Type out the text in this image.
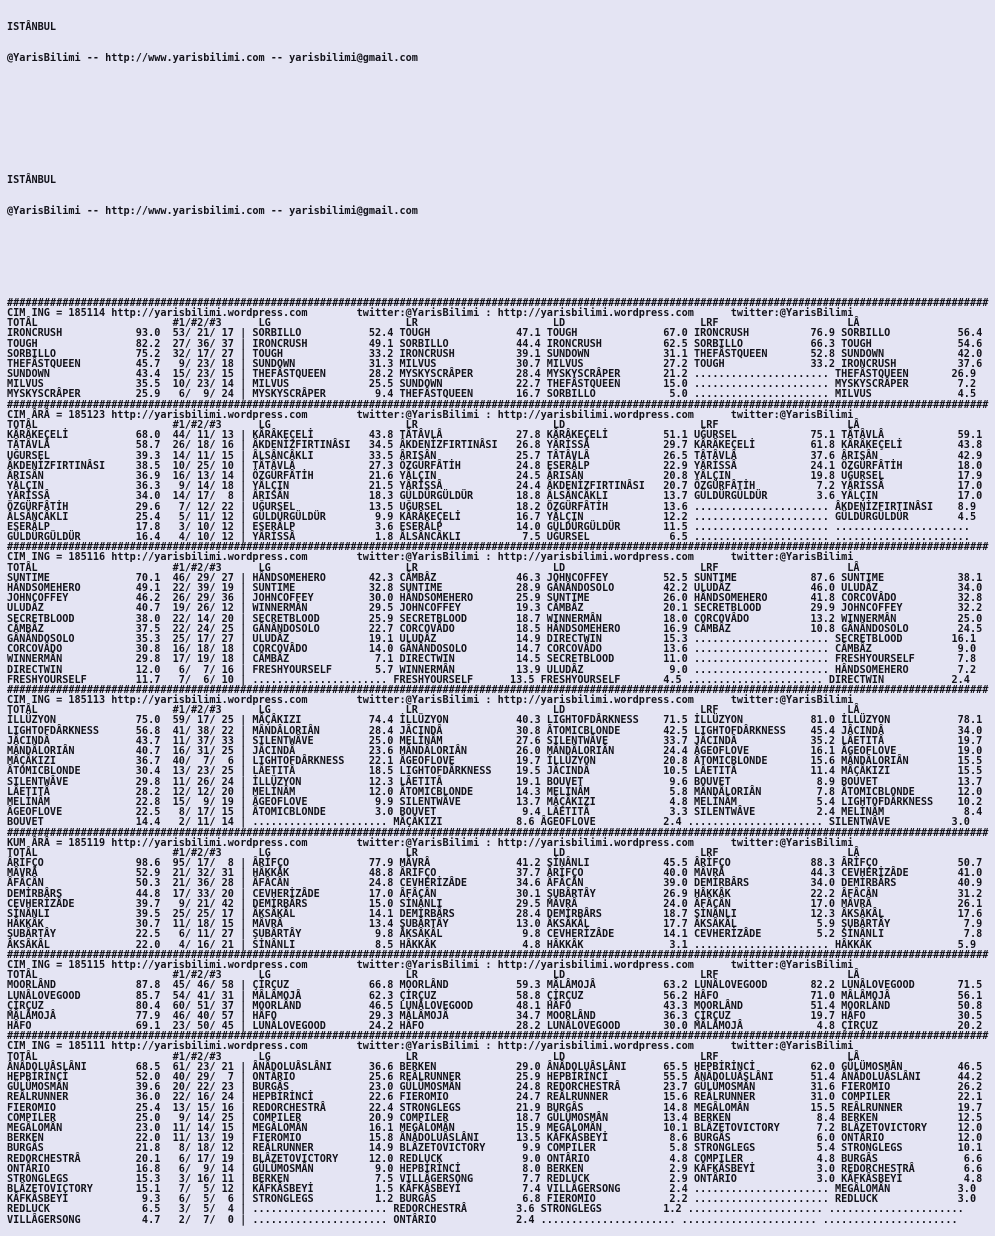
ISTÂNBUL

@YarisBilimi -- http://www.yarisbilimi.com -- yarisbilimi@gmail.com

ISTÂNBUL

@YarisBilimi -- http://www.yarisbilimi.com -- yarisbilimi@gmail.com

################################################################################################################################################################
CIM ING = 185114 http://yarisbilimi.wordpress.com        twitter:@YarisBilimi : http://yarisbilimi.wordpress.com      twitter:@YarisBilimi
TOTÂL                      #1/#2/#3      LG                      LR                      LD                      LRF                     LÂ
IRONCRUSH            93.0  53/ 21/ 17 | SORBILLO           52.4 TOUGH              47.1 TOUGH              67.0 IRONCRUSH          76.9 SORBILLO           56.4
TOUGH                82.2  27/ 36/ 37 | IRONCRUSH          49.1 SORBILLO           44.4 IRONCRUSH          62.5 SORBILLO           66.3 TOUGH              54.6
SORBILLO             75.2  32/ 17/ 27 | TOUGH              33.2 IRONCRUSH          39.1 SUNDOWN            31.1 THEFÂSTQUEEN       52.8 SUNDOWN            42.0
THEFÂSTQUEEN         45.7   9/ 23/ 18 | SUNDOWN            31.3 MILVUS             30.7 MILVUS             27.2 TOUGH              33.2 IRONCRUSH          37.6
SUNDOWN              43.4  15/ 23/ 15 | THEFÂSTQUEEN       28.2 MYSKYSCRÂPER       28.4 MYSKYSCRÂPER       21.2 ...................... THEFÂSTQUEEN       26.9
MILVUS               35.5  10/ 23/ 14 | MILVUS             25.5 SUNDOWN            22.7 THEFÂSTQUEEN       15.0 ...................... MYSKYSCRÂPER        7.2
MYSKYSCRÂPER         25.9   6/  9/ 24 | MYSKYSCRÂPER        9.4 THEFÂSTQUEEN       16.7 SORBILLO            5.0 ...................... MILVUS              4.5
################################################################################################################################################################
CIM ÂRÂ = 185123 http://yarisbilimi.wordpress.com        twitter:@YarisBilimi : http://yarisbilimi.wordpress.com      twitter:@YarisBilimi
TOTÂL                      #1/#2/#3      LG                      LR                      LD                      LRF                     LÂ
KÂRÂKEÇELİ           68.0  44/ 11/ 13 | KÂRÂKEÇELİ         43.8 TÂTÂVLÂ            27.8 KÂRÂKEÇELİ         51.1 UĞURSEL            75.1 TÂTÂVLÂ            59.1
TÂTÂVLÂ              58.7  26/ 18/ 16 | ÂKDENİZFIRTINÂSI   34.5 ÂKDENİZFIRTINÂSI   26.8 YÂRİSSÂ            29.7 KÂRÂKEÇELİ         61.8 KÂRÂKEÇELİ         43.8
UĞURSEL              39.3  14/ 11/ 15 | ÂLSÂNCÂKLI         33.5 ÂRISÂN             25.7 TÂTÂVLÂ            26.5 TÂTÂVLÂ            37.6 ÂRISÂN             42.9
ÂKDENİZFIRTINÂSI     38.5  10/ 25/ 10 | TÂTÂVLÂ            27.3 ÖZGÜRFÂTİH         24.8 ESERÂLP            22.9 YÂRİSSÂ            24.1 ÖZGÜRFÂTİH         18.0
ÂRISÂN               36.9  16/ 13/ 14 | ÖZGÜRFÂTİH         21.6 YÂLÇIN             24.5 ÂRISÂN             20.8 YÂLÇIN             19.8 UĞURSEL            17.9
YÂLÇIN               36.3   9/ 14/ 18 | YÂLÇIN             21.5 YÂRİSSÂ            24.4 ÂKDENİZFIRTINÂSI   20.7 ÖZGÜRFÂTİH          7.2 YÂRİSSÂ            17.0
YÂRİSSÂ              34.0  14/ 17/  8 | ÂRISÂN             18.3 GÜLDÜRGÜLDÜR       18.8 ÂLSÂNCÂKLI         13.7 GÜLDÜRGÜLDÜR        3.6 YÂLÇIN             17.0
ÖZGÜRFÂTİH           29.6   7/ 12/ 22 | UĞURSEL            13.5 UĞURSEL            18.2 ÖZGÜRFÂTİH         13.6 ...................... ÂKDENİZFIRTINÂSI    8.9
ÂLSÂNCÂKLI           25.4   5/ 11/ 12 | GÜLDÜRGÜLDÜR        9.9 KÂRÂKEÇELİ         16.7 YÂLÇIN             12.2 ...................... GÜLDÜRGÜLDÜR        4.5
ESERÂLP              17.8   3/ 10/ 12 | ESERÂLP             3.6 ESERÂLP            14.0 GÜLDÜRGÜLDÜR       11.5 ...................... ......................
GÜLDÜRGÜLDÜR         16.4   4/ 10/ 12 | YÂRİSSÂ             1.8 ÂLSÂNCÂKLI          7.5 UĞURSEL             6.5 ...................... ......................
################################################################################################################################################################
CIM ING = 185116 http://yarisbilimi.wordpress.com        twitter:@YarisBilimi : http://yarisbilimi.wordpress.com      twitter:@YarisBilimi
TOTÂL                      #1/#2/#3      LG                      LR                      LD                      LRF                     LÂ
SUNTIME              70.1  46/ 29/ 27 | HÂNDSOMEHERO       42.3 CÂMBÂZ             46.3 JOHNCOFFEY         52.5 SUNTIME            87.6 SUNTIME            38.1
HÂNDSOMEHERO         49.1  22/ 39/ 19 | SUNTIME            32.8 SUNTIME            28.9 GÂNÂNDOSOLO        42.2 ULUDÂZ             46.0 ULUDÂZ             34.0
JOHNCOFFEY           46.2  26/ 29/ 36 | JOHNCOFFEY         30.0 HÂNDSOMEHERO       25.9 SUNTIME            26.0 HÂNDSOMEHERO       41.8 CORCOVÂDO          32.8
ULUDÂZ               40.7  19/ 26/ 12 | WINNERMÂN          29.5 JOHNCOFFEY         19.3 CÂMBÂZ             20.1 SECRETBLOOD        29.9 JOHNCOFFEY         32.2
SECRETBLOOD          38.0  22/ 14/ 20 | SECRETBLOOD        25.9 SECRETBLOOD        18.7 WINNERMÂN          18.0 CORCOVÂDO          13.2 WINNERMÂN          25.0
CÂMBÂZ               37.5  22/ 24/ 25 | GÂNÂNDOSOLO        22.7 CORCOVÂDO          18.5 HÂNDSOMEHERO       16.9 CÂMBÂZ             10.8 GÂNÂNDOSOLO        24.5
GÂNÂNDOSOLO          35.3  25/ 17/ 27 | ULUDÂZ             19.1 ULUDÂZ             14.9 DIRECTWIN          15.3 ...................... SECRETBLOOD        16.1
CORCOVÂDO            30.8  16/ 18/ 18 | CORCOVÂDO          14.0 GÂNÂNDOSOLO        14.7 CORCOVÂDO          13.6 ...................... CÂMBÂZ              9.0
WINNERMÂN            29.8  17/ 19/ 18 | CÂMBÂZ              7.1 DIRECTWIN          14.5 SECRETBLOOD        11.0 ...................... FRESHYOURSELF       7.8
DIRECTWIN            12.0   6/  7/ 16 | FRESHYOURSELF       5.7 WINNERMÂN          13.9 ULUDÂZ              9.0 ...................... HÂNDSOMEHERO        7.2
FRESHYOURSELF        11.7   7/  6/ 10 | ...................... FRESHYOURSELF      13.5 FRESHYOURSELF       4.5 ...................... DIRECTWIN           2.4
################################################################################################################################################################
CIM ING = 185113 http://yarisbilimi.wordpress.com        twitter:@YarisBilimi : http://yarisbilimi.wordpress.com      twitter:@YarisBilimi
TOTÂL                      #1/#2/#3      LG                      LR                      LD                      LRF                     LÂ
İLLÜZYON             75.0  59/ 17/ 25 | MÂÇÂKIZI           74.4 İLLÜZYON           40.3 LIGHTOFDÂRKNESS    71.5 İLLÜZYON           81.0 İLLÜZYON           78.1
LIGHTOFDÂRKNESS      56.8  41/ 38/ 22 | MÂNDÂLORIÂN        28.4 JÂCINDÂ            30.8 ÂTOMICBLONDE       42.5 LIGHTOFDÂRKNESS    45.4 JÂCINDÂ            34.0
JÂCINDÂ              43.7  11/ 37/ 33 | SILENTWÂVE         25.0 MELİNÂM            27.6 SILENTWÂVE         33.7 JÂCINDÂ            35.2 LÂETITÂ            19.7
MÂNDÂLORIÂN          40.7  16/ 31/ 25 | JÂCINDÂ            23.6 MÂNDÂLORIÂN        26.0 MÂNDÂLORIÂN        24.4 ÂGEOFLOVE          16.1 ÂGEOFLOVE          19.0
MÂÇÂKIZI             36.7  40/  7/  6 | LIGHTOFDÂRKNESS    22.1 ÂGEOFLOVE          19.7 İLLÜZYON           20.8 ÂTOMICBLONDE       15.6 MÂNDÂLORIÂN        15.5
ÂTOMICBLONDE         30.4  13/ 23/ 25 | LÂETITÂ            18.5 LIGHTOFDÂRKNESS    19.5 JÂCINDÂ            10.5 LÂETITÂ            11.4 MÂÇÂKIZI           15.5
SILENTWÂVE           29.8  11/ 26/ 24 | İLLÜZYON           12.3 LÂETITÂ            19.1 BOUVET              9.6 BOUVET              8.9 BOUVET             13.7
LÂETITÂ              28.2  12/ 12/ 20 | MELİNÂM            12.0 ÂTOMICBLONDE       14.3 MELİNÂM             5.8 MÂNDÂLORIÂN         7.8 ÂTOMICBLONDE       12.0
MELİNÂM              22.8  15/  9/ 19 | ÂGEOFLOVE           9.9 SILENTWÂVE         13.7 MÂÇÂKIZI            4.8 MELİNÂM             5.4 LIGHTOFDÂRKNESS    10.2
ÂGEOFLOVE            22.5   8/ 17/ 15 | ÂTOMICBLONDE        3.0 BOUVET              9.4 LÂETITÂ             3.3 SILENTWÂVE          2.4 MELİNÂM             8.4
BOUVET               14.4   2/ 11/ 14 | ...................... MÂÇÂKIZI            8.6 ÂGEOFLOVE           2.4 ...................... SILENTWÂVE          3.0
################################################################################################################################################################
KUM ÂRÂ = 185119 http://yarisbilimi.wordpress.com        twitter:@YarisBilimi : http://yarisbilimi.wordpress.com      twitter:@YarisBilimi
TOTÂL                      #1/#2/#3      LG                      LR                      LD                      LRF                     LÂ
ÂRİFÇO               98.6  95/ 17/  8 | ÂRİFÇO             77.9 MÂVRÂ              41.2 SİNÂNLI            45.5 ÂRİFÇO             88.3 ÂRİFÇO             50.7
MÂVRÂ                52.9  21/ 32/ 31 | HÂKKÂK             48.8 ÂRİFÇO             37.7 ÂRİFÇO             40.0 MÂVRÂ              44.3 CEVHERİZÂDE        41.0
ÂFÂCÂN               50.3  21/ 36/ 28 | ÂFÂCÂN             24.8 CEVHERİZÂDE        34.6 ÂFÂCÂN             39.0 DEMİRBÂRS          34.0 DEMİRBÂRS          40.9
DEMİRBÂRS            44.8  17/ 33/ 20 | CEVHERİZÂDE        17.0 ÂFÂCÂN             30.1 ŞUBÂRTÂY           26.9 HÂKKÂK             22.2 ÂFÂCÂN             31.2
CEVHERİZÂDE          39.7   9/ 21/ 42 | DEMİRBÂRS          15.0 SİNÂNLI            29.5 MÂVRÂ              24.0 ÂFÂCÂN             17.0 MÂVRÂ              26.1
SİNÂNLI              39.5  25/ 25/ 17 | ÂKSÂKÂL            14.1 DEMİRBÂRS          28.4 DEMİRBÂRS          18.7 SİNÂNLI            12.3 ÂKSÂKÂL            17.6
HÂKKÂK               30.7  11/ 18/ 15 | MÂVRÂ              13.4 ŞUBÂRTÂY           13.0 ÂKSÂKÂL            17.7 ÂKSÂKÂL             5.9 ŞUBÂRTÂY            7.9
ŞUBÂRTÂY             22.5   6/ 11/ 27 | ŞUBÂRTÂY            9.8 ÂKSÂKÂL             9.8 CEVHERİZÂDE        14.1 CEVHERİZÂDE         5.2 SİNÂNLI             7.8
ÂKSÂKÂL              22.0   4/ 16/ 21 | SİNÂNLI             8.5 HÂKKÂK              4.8 HÂKKÂK              3.1 ...................... HÂKKÂK              5.9
################################################################################################################################################################
CIM ING = 185115 http://yarisbilimi.wordpress.com        twitter:@YarisBilimi : http://yarisbilimi.wordpress.com      twitter:@YarisBilimi
TOTÂL                      #1/#2/#3      LG                      LR                      LD                      LRF                     LÂ
MOORLÂND             87.8  45/ 46/ 58 | ÇİRÇUZ             66.8 MOORLÂND           59.3 MÂLÂMOJÂ           63.2 LUNÂLOVEGOOD       82.2 LUNÂLOVEGOOD       71.5
LUNÂLOVEGOOD         85.7  54/ 41/ 31 | MÂLÂMOJÂ           62.3 ÇİRÇUZ             58.8 ÇİRÇUZ             56.2 HÂFO               71.0 MÂLÂMOJÂ           56.1
ÇİRÇUZ               80.4  60/ 51/ 37 | MOORLÂND           46.5 LUNÂLOVEGOOD       48.1 HÂFO               43.3 MOORLÂND           51.4 MOORLÂND           50.8
MÂLÂMOJÂ             77.9  46/ 40/ 57 | HÂFO               29.3 MÂLÂMOJÂ           34.7 MOORLÂND           36.3 ÇİRÇUZ             19.7 HÂFO               30.5
HÂFO                 69.1  23/ 50/ 45 | LUNÂLOVEGOOD       24.2 HÂFO               28.2 LUNÂLOVEGOOD       30.0 MÂLÂMOJÂ            4.8 ÇİRÇUZ             20.2
################################################################################################################################################################
CIM ING = 185111 http://yarisbilimi.wordpress.com        twitter:@YarisBilimi : http://yarisbilimi.wordpress.com      twitter:@YarisBilimi
TOTÂL                      #1/#2/#3      LG                      LR                      LD                      LRF                     LÂ
ÂNÂDOLUÂSLÂNI        68.5  61/ 23/ 21 | ÂNÂDOLUÂSLÂNI      36.6 BERKEN             29.0 ÂNÂDOLUÂSLÂNI      65.5 HEPBİRİNCİ         62.0 GÜLÜMOSMÂN         46.5
HEPBİRİNCİ           52.0  40/ 29/  7 | ONTÂRIO            25.6 REÂLRUNNER         25.9 HEPBİRİNCİ         55.5 ÂNÂDOLUÂSLÂNI      51.4 ÂNÂDOLUÂSLÂNI      44.2
GÜLÜMOSMÂN           39.6  20/ 22/ 23 | BURGÂS             23.0 GÜLÜMOSMÂN         24.8 REDORCHESTRÂ       23.7 GÜLÜMOSMÂN         31.6 FIEROMIO           26.2
REÂLRUNNER           36.0  22/ 16/ 24 | HEPBİRİNCİ         22.6 FIEROMIO           24.7 REÂLRUNNER         15.6 REÂLRUNNER         31.0 COMPILER           22.1
FIEROMIO             25.4  13/ 15/ 16 | REDORCHESTRÂ       22.4 STRONGLEGS         21.9 BURGÂS             14.8 MEGÂLOMÂN          15.5 REÂLRUNNER         19.7
COMPILER             25.0   9/ 14/ 25 | COMPILER           20.9 COMPILER           18.7 GÜLÜMOSMÂN         13.4 BERKEN              8.4 BERKEN             12.5
MEGÂLOMÂN            23.0  11/ 14/ 15 | MEGÂLOMÂN          16.1 MEGÂLOMÂN          15.9 MEGÂLOMÂN          10.1 BLÂZETOVICTORY      7.2 BLÂZETOVICTORY     12.0
BERKEN               22.0  11/ 13/ 19 | FIEROMIO           15.8 ÂNÂDOLUÂSLÂNI      13.5 KÂFKÂSBEYİ          8.6 BURGÂS              6.0 ONTÂRIO            12.0
BURGÂS               21.8   8/ 18/ 12 | REÂLRUNNER         14.9 BLÂZETOVICTORY      9.9 COMPILER            5.8 STRONGLEGS          5.4 STRONGLEGS         10.1
REDORCHESTRÂ         20.1   6/ 17/ 19 | BLÂZETOVICTORY     12.0 REDLUCK             9.0 ONTÂRIO             4.8 COMPILER            4.8 BURGÂS              6.6
ONTÂRIO              16.8   6/  9/ 14 | GÜLÜMOSMÂN          9.0 HEPBİRİNCİ          8.0 BERKEN              2.9 KÂFKÂSBEYİ          3.0 REDORCHESTRÂ        6.6
STRONGLEGS           15.3   3/ 16/ 11 | BERKEN              7.5 VILLÂGERSONG        7.7 REDLUCK             2.9 ONTÂRIO             3.0 KÂFKÂSBEYİ          4.8
BLÂZETOVICTORY       15.1   7/  5/ 12 | KÂFKÂSBEYİ          1.5 KÂFKÂSBEYİ          7.4 VILLÂGERSONG        2.4 ...................... MEGÂLOMÂN           3.0
KÂFKÂSBEYİ            9.3   6/  5/  6 | STRONGLEGS          1.2 BURGÂS              6.8 FIEROMIO            2.2 ...................... REDLUCK             3.0
REDLUCK               6.5   3/  5/  4 | ...................... REDORCHESTRÂ        3.6 STRONGLEGS          1.2 ...................... ......................
VILLÂGERSONG          4.7   2/  7/  0 | ...................... ONTÂRIO             2.4 ...................... ...................... ......................
